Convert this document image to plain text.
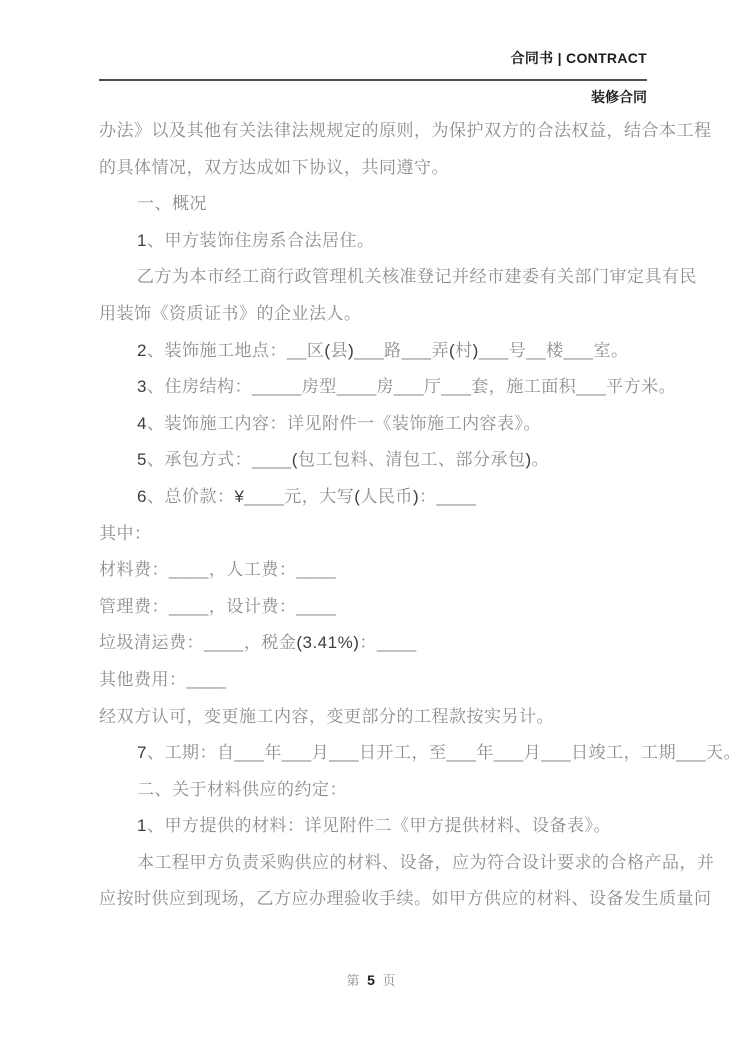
合同书 | CONTRACT
装修合同

办法》以及其他有关法律法规规定的原则，为保护双方的合法权益，结合本工程

的具体情况，双方达成如下协议，共同遵守。

一、概况

1、甲方装饰住房系合法居住。

乙方为本市经工商行政管理机关核准登记并经市建委有关部门审定具有民

用装饰《资质证书》的企业法人。

2、装饰施工地点：__区(县)___路___弄(村)___号__楼___室。

3、住房结构：_____房型____房___厅___套，施工面积___平方米。

4、装饰施工内容：详见附件一《装饰施工内容表》。

5、承包方式：____(包工包料、清包工、部分承包)。

6、总价款：¥____元，大写(人民币)：____

其中：

材料费：____，人工费：____

管理费：____，设计费：____

垃圾清运费：____，税金(3.41%)：____

其他费用：____

经双方认可，变更施工内容，变更部分的工程款按实另计。

7、工期：自___年___月___日开工，至___年___月___日竣工，工期___天。

二、关于材料供应的约定：

1、甲方提供的材料：详见附件二《甲方提供材料、设备表》。

本工程甲方负责采购供应的材料、设备，应为符合设计要求的合格产品，并

应按时供应到现场，乙方应办理验收手续。如甲方供应的材料、设备发生质量问

第 5 页
